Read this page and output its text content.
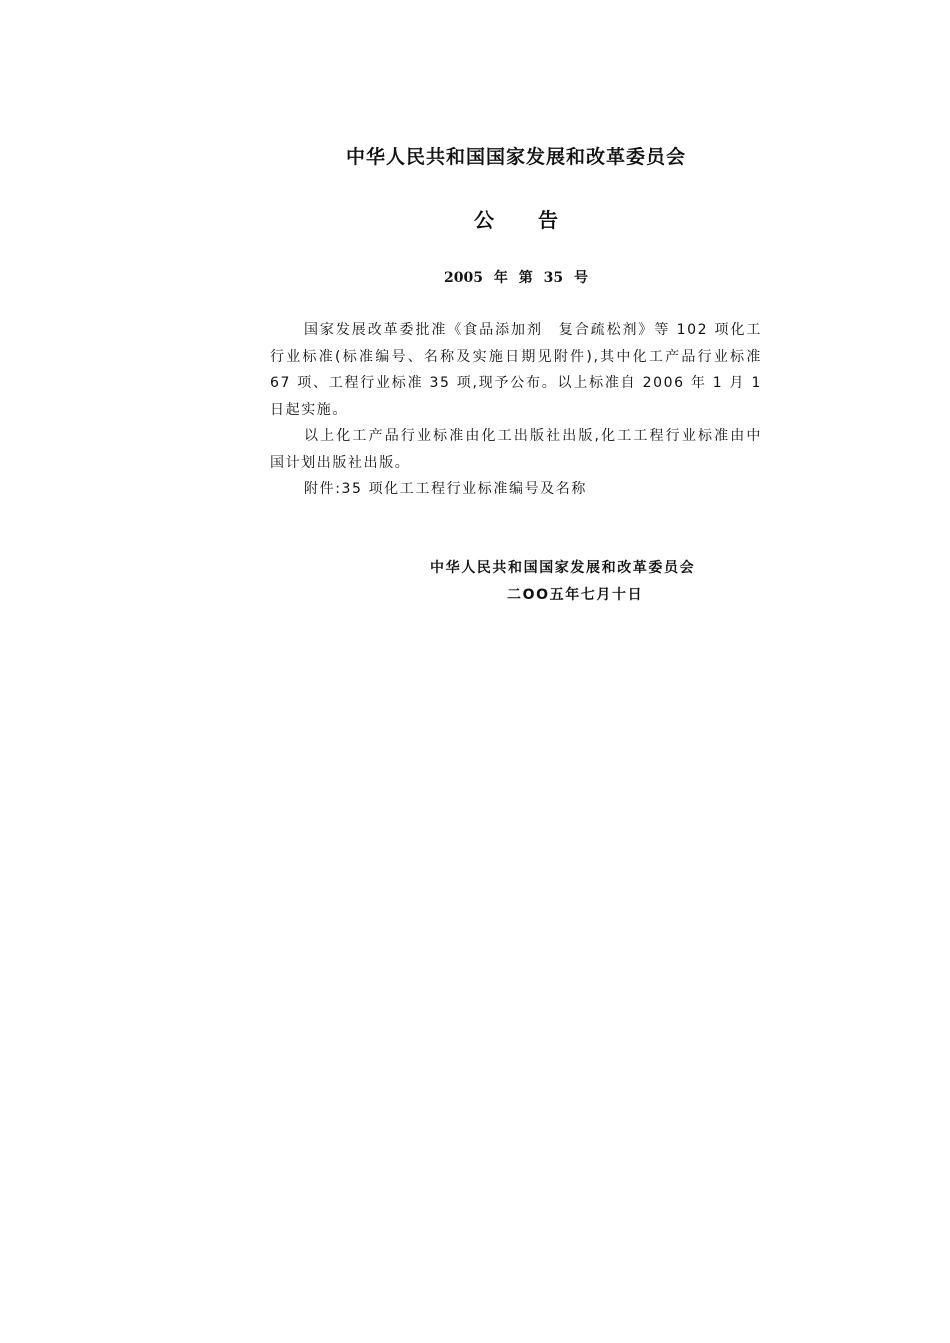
中华人民共和国国家发展和改革委员会
公告
2005 年 第 35 号

国家发展改革委批准《食品添加剂　复合疏松剂》等 102 项化工行业标准(标准编号、名称及实施日期见附件),其中化工产品行业标准 67 项、工程行业标准 35 项,现予公布。以上标准自 2006 年 1 月 1 日起实施。

以上化工产品行业标准由化工出版社出版,化工工程行业标准由中国计划出版社出版。

附件:35 项化工工程行业标准编号及名称

中华人民共和国国家发展和改革委员会
二OO五年七月十日
